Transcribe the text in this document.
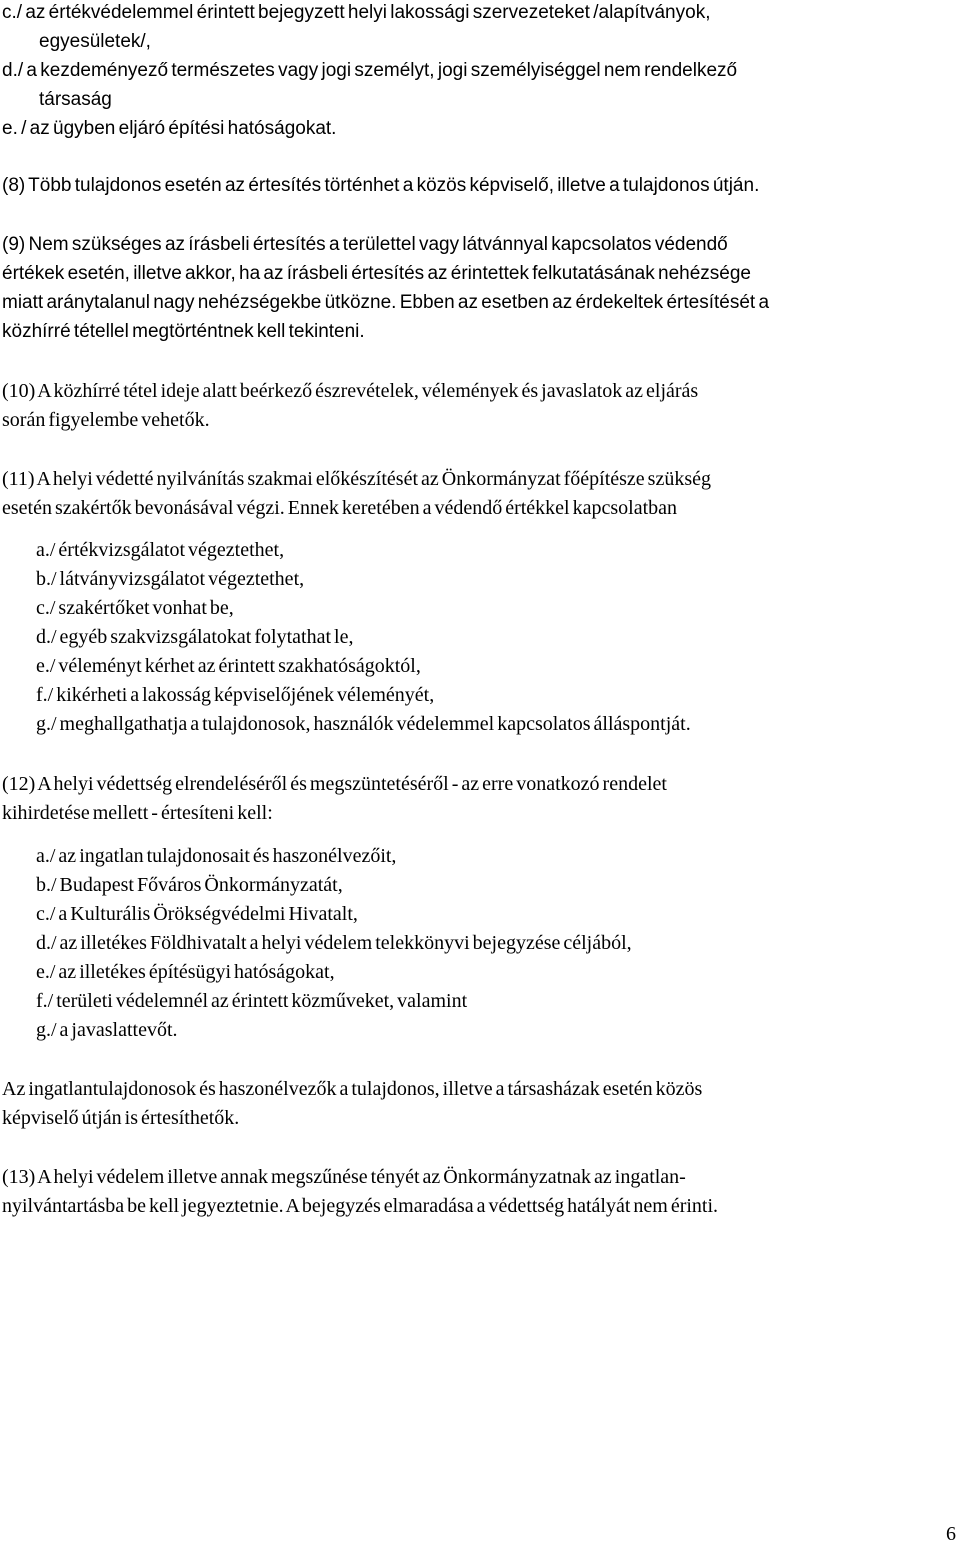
c./ az értékvédelemmel érintett bejegyzett helyi lakossági szervezeteket /alapítványok,
egyesületek/,
d./ a kezdeményező természetes vagy jogi személyt, jogi személyiséggel nem rendelkező
társaság
e. / az ügyben eljáró építési hatóságokat.
(8) Több tulajdonos esetén az értesítés történhet a közös képviselő, illetve a tulajdonos útján.
(9) Nem szükséges az írásbeli értesítés a területtel vagy látvánnyal kapcsolatos védendő
értékek esetén, illetve akkor, ha az írásbeli értesítés az érintettek felkutatásának nehézsége
miatt aránytalanul nagy nehézségekbe ütközne. Ebben az esetben az érdekeltek értesítését a
közhírré tétellel megtörténtnek kell tekinteni.
(10) A közhírré tétel ideje alatt beérkező észrevételek, vélemények és javaslatok az eljárás
során figyelembe vehetők.
(11) A helyi védetté nyilvánítás szakmai előkészítését az Önkormányzat főépítésze szükség
esetén szakértők bevonásával végzi. Ennek keretében a védendő értékkel kapcsolatban
a./ értékvizsgálatot végeztethet,
b./ látványvizsgálatot végeztethet,
c./ szakértőket vonhat be,
d./ egyéb szakvizsgálatokat folytathat le,
e./ véleményt kérhet az érintett szakhatóságoktól,
f./ kikérheti a lakosság képviselőjének véleményét,
g./ meghallgathatja a tulajdonosok, használók védelemmel kapcsolatos álláspontját.
(12) A helyi védettség elrendeléséről és megszüntetéséről - az erre vonatkozó rendelet
kihirdetése mellett - értesíteni kell:
a./ az ingatlan tulajdonosait és haszonélvezőit,
b./ Budapest Főváros Önkormányzatát,
c./ a Kulturális Örökségvédelmi Hivatalt,
d./ az illetékes Földhivatalt a helyi védelem telekkönyvi bejegyzése céljából,
e./ az illetékes építésügyi hatóságokat,
f./ területi védelemnél az érintett közműveket, valamint
g./ a javaslattevőt.
Az ingatlantulajdonosok és haszonélvezők a tulajdonos, illetve a társasházak esetén közös
képviselő útján is értesíthetők.
(13) A helyi védelem illetve annak megszűnése tényét az Önkormányzatnak az ingatlan-
nyilvántartásba be kell jegyeztetnie. A bejegyzés elmaradása a védettség hatályát nem érinti.
6
